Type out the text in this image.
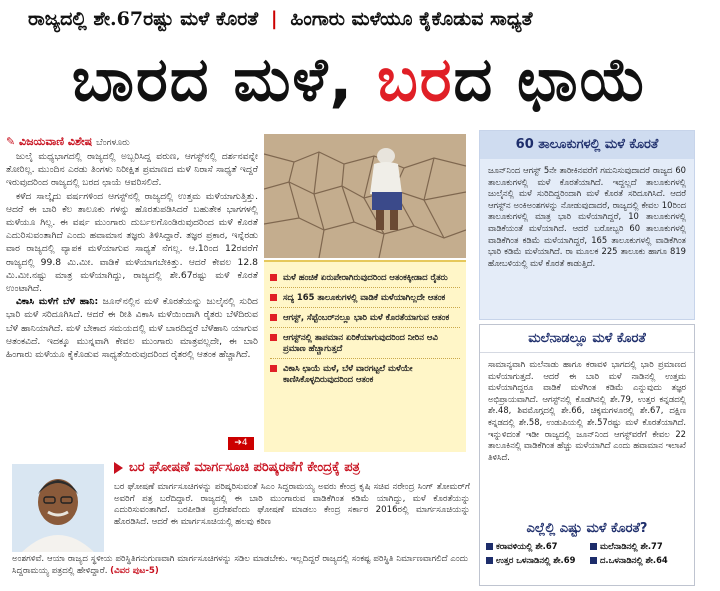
ರಾಜ್ಯದಲ್ಲಿ ಶೇ.67ರಷ್ಟು ಮಳೆ ಕೊರತೆ | ಹಿಂಗಾರು ಮಳೆಯೂ ಕೈಕೊಡುವ ಸಾಧ್ಯತೆ
ಬಾರದ ಮಳೆ, ಬರದ ಛಾಯೆ
✎ ವಿಜಯವಾಣಿ ವಿಶೇಷ ಬೆಂಗಳೂರು

ಜುಲೈ ಮಧ್ಯಭಾಗದಲ್ಲಿ ರಾಜ್ಯದಲ್ಲಿ ಅಬ್ಬರಿಸಿದ್ದ ವರುಣ, ಆಗಸ್ಟ್‌ನಲ್ಲಿ ದರ್ಶನವನ್ನೇ ತೋರಿಲ್ಲ. ಮುಂದಿನ ಎರಡು ತಿಂಗಳು ನಿರೀಕ್ಷಿತ ಪ್ರಮಾಣದ ಮಳೆ ನಿರಾಸೆ ಸಾಧ್ಯತೆ ಇದ್ದರೆ ಇರುವುದರಿಂದ ರಾಜ್ಯದಲ್ಲಿ ಬರದ ಛಾಯೆ ಆವರಿಸಲಿದೆ.

ಕಳೆದ ಸಾಲ್ಕೈದು ವರ್ಷಗಳಿಂದ ಆಗಸ್ಟ್‌ನಲ್ಲಿ ರಾಜ್ಯದಲ್ಲಿ ಉತ್ತಮ ಮಳೆಯಾಗುತ್ತಿತ್ತು. ಆದರೆ ಈ ಬಾರಿ ಕೆಲ ತಾಲೂಕು ಗಳನ್ನು ಹೊರತುಪಡಿಸಿದರೆ ಬಹುತೇಕ ಭಾಗಗಳಲ್ಲಿ ಮಳೆಯೂ ಗಿಲ್ಲ. ಈ ವರ್ಷ ಮುಂಗಾರು ದುರ್ಬಲಗೊಂಡಿರುವುದರಿಂದ ಮಳೆ ಕೊರತೆ ಎದುರಿಸುವಂತಾಗಿದೆ ಎಂದು ಹವಾಮಾನ ತಜ್ಞರು ತಿಳಿಸಿದ್ದಾರೆ. ತಜ್ಞರ ಪ್ರಕಾರ, ಇನ್ನೆರಡು ವಾರ ರಾಜ್ಯದಲ್ಲಿ ವ್ಯಾಪಕ ಮಳೆಯಾಗುವ ಸಾಧ್ಯತೆ ನೆಗಲ್ಲ. ಆ.1ರಿಂದ 12ರವರೆಗೆ ರಾಜ್ಯದಲ್ಲಿ 99.8 ಮಿ.ಮೀ. ವಾಡಿಕೆ ಮಳೆಯಾಗಬೇಕಿತ್ತು. ಆದರೆ ಕೇವಲ 12.8 ಮಿ.ಮೀ.ನಷ್ಟು ಮಾತ್ರ ಮಳೆಯಾಗಿದ್ದು, ರಾಜ್ಯದಲ್ಲಿ ಶೇ.67ರಷ್ಟು ಮಳೆ ಕೊರತೆ ಉಂಟಾಗಿದೆ.

ವಿಕಾಸಿ ಮಳೆಗೆ ಬೆಳೆ ಹಾನಿ: ಜೂನ್‌ನಲ್ಲಿನ ಮಳೆ ಕೊರತೆಯನ್ನು ಜುಲೈನಲ್ಲಿ ಸುರಿದ ಭಾರಿ ಮಳೆ ಸರಿದೂಗಿಸಿದೆ. ಆದರೆ ಈ ರೀತಿ ವಿಕಾಸಿ ಮಳೆಯಿಂದಾಗಿ ರೈತರು ಬೆಳೆದಿರುವ ಬೆಳೆ ಹಾನಿಯಾಗಿದೆ. ಮಳೆ ಬೇಕಾದ ಸಮಯದಲ್ಲಿ ಮಳೆ ಬಾರದಿದ್ದರೆ ಬೆಳೆಹಾನಿ ಯಾಗುವ ಆತಂಕವಿದೆ. ಇದಕ್ಕೂ ಮುನ್ನವಾಗಿ ಕೇವಲ ಮುಂಗಾರು ಮಾತ್ರವಲ್ಲದೇ, ಈ ಬಾರಿ ಹಿಂಗಾರು ಮಳೆಯೂ ಕೈಕೊಡುವ ಸಾಧ್ಯತೆಯಿರುವುದರಿಂದ ರೈತರಲ್ಲಿ ಆತಂಕ ಹೆಚ್ಚಾಗಿದೆ.

➔4
ಮಳೆ ಹಂಚಿಕೆ ಏರುಪೇರಾಗಿರುವುದರಿಂದ ಆತಂಕಕ್ಕೀಡಾದ ರೈತರು
ಸದ್ಯ 165 ತಾಲೂಕುಗಳಲ್ಲಿ ವಾಡಿಕೆ ಮಳೆಯಾಗಿಲ್ಲದೇ ಆತಂಕ
ಆಗಸ್ಟ್, ಸೆಪ್ಟೆಂಬರ್‌ನಲ್ಲೂ ಭಾರಿ ಮಳೆ ಕೊರತೆಯಾಗುವ ಆತಂಕ
ಆಗಸ್ಟ್‌ನಲ್ಲಿ ತಾಪಮಾನ ಏರಿಕೆಯಾಗುವುದರಿಂದ ನೀರಿನ ಆವಿ ಪ್ರಮಾಣ ಹೆಚ್ಚಾಗುತ್ತದೆ
ವಿಕಾಸಿ ಛಾಯೆ ಮಳೆ, ಬೆಳೆ ವಾರಗಟ್ಟಲೆ ಮಳೆಯೇ ಕಾಣಿಸಿಕೊಳ್ಳದಿರುವುದರಿಂದ ಆತಂಕ
60 ತಾಲೂಕುಗಳಲ್ಲಿ ಮಳೆ ಕೊರತೆ
ಜೂನ್‌ನಿಂದ ಆಗಸ್ಟ್ 5ನೇ ತಾರೀಕಿನವರೆಗೆ ಗಮನಿಸುವುದಾದರೆ ರಾಜ್ಯದ 60 ತಾಲೂಕುಗಳಲ್ಲಿ ಮಳೆ ಕೊರತೆಯಾಗಿದೆ. ಇದ್ದಲ್ಲದೆ ತಾಲೂಕುಗಳಲ್ಲಿ ಜುಲೈನಲ್ಲಿ ಮಳೆ ಸುರಿದಿದ್ದರಿಂದಾಗಿ ಮಳೆ ಕೊರತೆ ಸರಿದೂಗಿಸಿದೆ. ಆದರೆ ಆಗಸ್ಟ್‌ನ ಅಂಕಿಅಂಶಗಳನ್ನು ನೋಡುವುದಾದರೆ, ರಾಜ್ಯದಲ್ಲಿ ಕೇವಲ 10ರಿಂದ ತಾಲೂಕುಗಳಲ್ಲಿ ಮಾತ್ರ ಭಾರಿ ಮಳೆಯಾಗಿದ್ದರೆ, 10 ತಾಲೂಕುಗಳಲ್ಲಿ ವಾಡಿಕೆಯಂತೆ ಮಳೆಯಾಗಿದೆ. ಆದರೆ ಬರೋಬ್ಬರಿ 60 ತಾಲೂಕುಗಳಲ್ಲಿ ವಾಡಿಕೆಗಿಂತ ಕಡಿಮೆ ಮಳೆಯಾಗಿದ್ದರೆ, 165 ತಾಲೂಕುಗಳಲ್ಲಿ ವಾಡಿಕೆಗಿಂತ ಭಾರಿ ಕಡಿಮೆ ಮಳೆಯಾಗಿದೆ. ರಾ ಮೂಲಕ 225 ತಾಲೂಕು ಹಾಗೂ 819 ಹೋಬಳಿಯಲ್ಲಿ ಮಳೆ ಕೊರತೆ ಕಾಡುತ್ತಿದೆ.
ಮಲೆನಾಡಲ್ಲೂ ಮಳೆ ಕೊರತೆ
ಸಾಮಾನ್ಯವಾಗಿ ಮಲೆನಾಡು ಹಾಗೂ ಕರಾವಳಿ ಭಾಗದಲ್ಲಿ ಭಾರಿ ಪ್ರಮಾಣದ ಮಳೆಯಾಗುತ್ತದೆ. ಆದರೆ ಈ ಬಾರಿ ಮಳೆ ನಾಡಿನಲ್ಲಿ ಉತ್ತಮ ಮಳೆಯಾಗಿದ್ದರೂ ವಾಡಿಕೆ ಮಳೆಗಿಂತ ಕಡಿಮೆ ಎನ್ನುವುದು ತಜ್ಞರ ಅಭಿಪ್ರಾಯವಾಗಿದೆ. ಆಗಸ್ಟ್‌ನಲ್ಲಿ ಕೊಡಗಿನಲ್ಲಿ ಶೇ.79, ಉತ್ತರ ಕನ್ನಡದಲ್ಲಿ ಶೇ.48, ಶಿವಮೊಗ್ಗದಲ್ಲಿ ಶೇ.66, ಚಿಕ್ಕಮಗಳೂರಲ್ಲಿ ಶೇ.67, ದಕ್ಷಿಣ ಕನ್ನಡದಲ್ಲಿ ಶೇ.58, ಉಡುಪಿಯಲ್ಲಿ ಶೇ.57ರಷ್ಟು ಮಳೆ ಕೊರತೆಯಾಗಿದೆ. ಇನ್ನುಳಿದಂತೆ ಇಡೀ ರಾಜ್ಯದಲ್ಲಿ ಜೂನ್‌ನಿಂದ ಆಗಸ್ಟ್‌ವರೆಗೆ ಕೇವಲ 22 ತಾಲೂಕಿನಲ್ಲಿ ವಾಡಿಕೆಗಿಂತ ಹೆಚ್ಚು ಮಳೆಯಾಗಿದೆ ಎಂದು ಹವಾಮಾನ ಇಲಾಖೆ ತಿಳಿಸಿದೆ.
ಎಲ್ಲೆಲ್ಲಿ ಎಷ್ಟು ಮಳೆ ಕೊರತೆ?
ಕರಾವಳಿಯಲ್ಲಿ ಶೇ.67	ಮಲೆನಾಡಿನಲ್ಲಿ ಶೇ.77
ಉತ್ತರ ಒಳನಾಡಿನಲ್ಲಿ ಶೇ.69	ದ.ಒಳನಾಡಿನಲ್ಲಿ ಶೇ.64
ಬರ ಘೋಷಣೆ ಮಾರ್ಗಸೂಚಿ ಪರಿಷ್ಕರಣೆಗೆ ಕೇಂದ್ರಕ್ಕೆ ಪತ್ರ
ಬರ ಘೋಷಣೆ ಮಾರ್ಗಸೂಚಿಗಳನ್ನು ಪರಿಷ್ಕರಿಸುವಂತೆ ಸಿಎಂ ಸಿದ್ದರಾಮಯ್ಯ ಅವರು ಕೇಂದ್ರ ಕೃಷಿ ಸಚಿವ ನರೇಂದ್ರ ಸಿಂಗ್ ತೋಮರ್‌ಗೆ ಅವರಿಗೆ ಪತ್ರ ಬರೆದಿದ್ದಾರೆ. ರಾಜ್ಯದಲ್ಲಿ ಈ ಬಾರಿ ಮುಂಗಾರುವ ವಾಡಿಕೆಗಿಂತ ಕಡಿಮೆ ಯಾಗಿದ್ದು, ಮಳೆ ಕೊರತೆಯನ್ನು ಎದುರಿಸುವಂತಾಗಿದೆ. ಬರಪೀಡಿತ ಪ್ರದೇಶವೆಂದು ಘೋಷಣೆ ಮಾಡಲು ಕೇಂದ್ರ ಸರ್ಕಾರ 2016ರಲ್ಲಿ ಮಾರ್ಗಸೂಚಿಯನ್ನು ಹೊರಡಿಸಿದೆ. ಆದರೆ ಈ ಮಾರ್ಗಸೂಚಿಯಲ್ಲಿ ಹಲವು ಕಠಿಣ
ಅಂಶಗಳಿವೆ. ಆಯಾ ರಾಜ್ಯದ ಸ್ಥಳೀಯ ಪರಿಸ್ಥಿತಿಗನುಗುಣವಾಗಿ ಮಾರ್ಗಸೂಚಿಗಳನ್ನು ಸಡಿಲ ಮಾಡಬೇಕು. ಇಲ್ಲದಿದ್ದರೆ ರಾಜ್ಯದಲ್ಲಿ ಸಂಕಷ್ಟ ಪರಿಸ್ಥಿತಿ ನಿರ್ಮಾಣವಾಗಲಿದೆ ಎಂದು ಸಿದ್ದರಾಮಯ್ಯ ಪತ್ರದಲ್ಲಿ ಹೇಳಿದ್ದಾರೆ. (ವಿವರ ಪುಟ-5)
